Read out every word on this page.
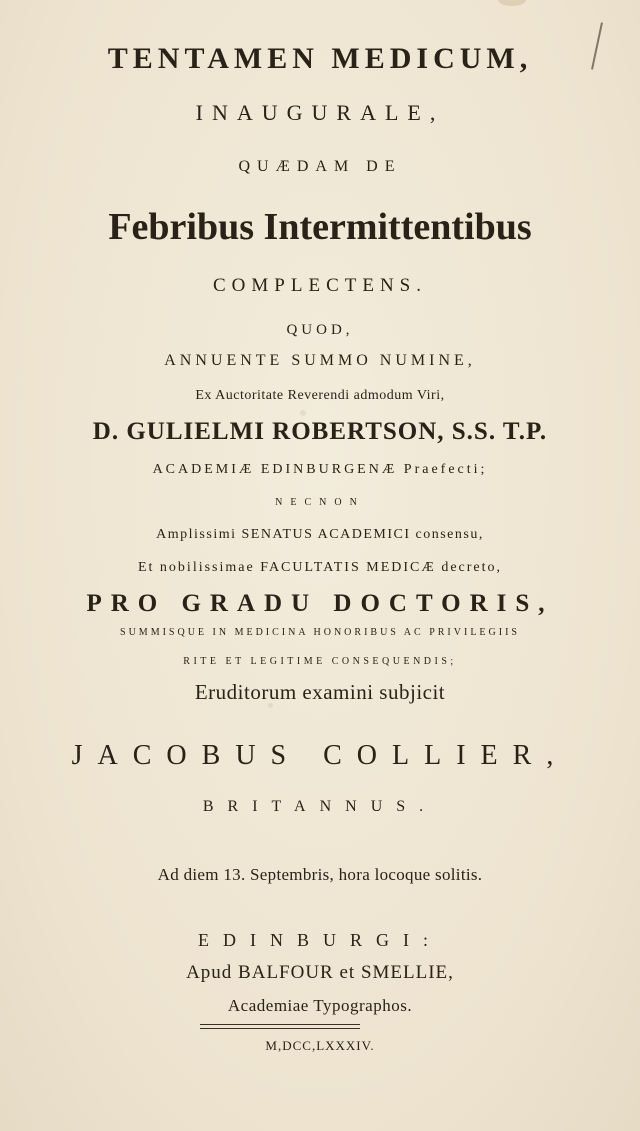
TENTAMEN MEDICUM,
INAUGURALE,
QUÆDAM DE
Febribus Intermittentibus
COMPLECTENS.
QUOD,
ANNUENTE SUMMO NUMINE,
Ex Auctoritate Reverendi admodum Viri,
D. GULIELMI ROBERTSON, S.S. T.P.
ACADEMIÆ EDINBURGENÆ Praefecti;
NECNON
Amplissimi SENATUS ACADEMICI consensu,
Et nobilissimae FACULTATIS MEDICÆ decreto,
PRO GRADU DOCTORIS,
SUMMISQUE IN MEDICINA HONORIBUS AC PRIVILEGIIS
RITE ET LEGITIME CONSEQUENDIS;
Eruditorum examini subjicit
JACOBUS COLLIER,
BRITANNUS.
Ad diem 13. Septembris, hora locoque solitis.
EDINBURGI:
Apud BALFOUR et SMELLIE,
Academiae Typographos.
M,DCC,LXXXIV.
